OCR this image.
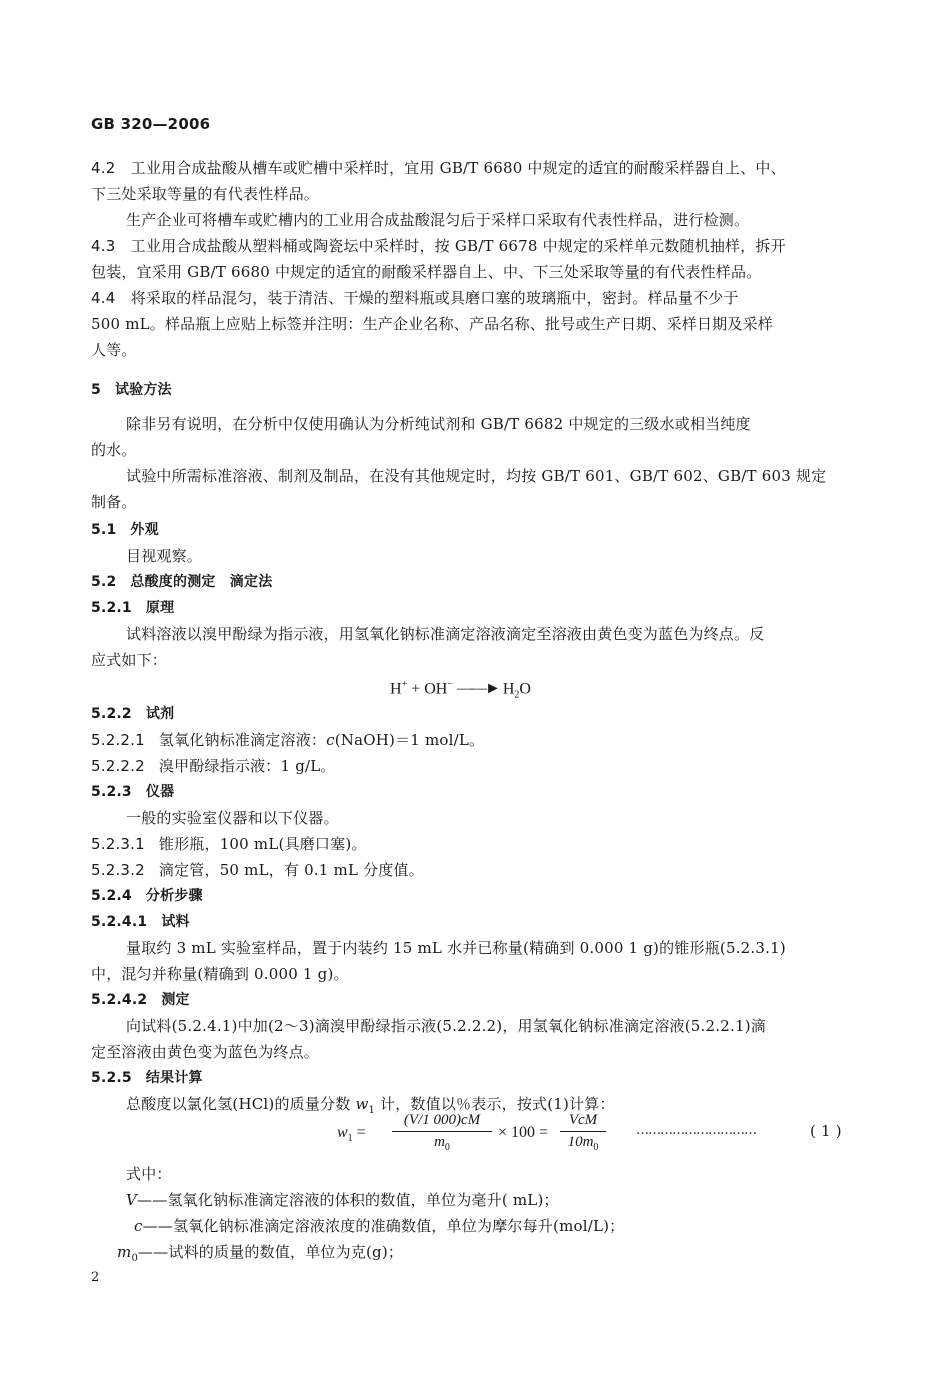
GB 320—2006
4.2　 工业用合成盐酸从槽车或贮槽中采样时，宜用 GB/T 6680 中规定的适宜的耐酸采样器自上、中、
下三处采取等量的有代表性样品。
生产企业可将槽车或贮槽内的工业用合成盐酸混匀后于采样口采取有代表性样品，进行检测。
4.3　 工业用合成盐酸从塑料桶或陶瓷坛中采样时，按 GB/T 6678 中规定的采样单元数随机抽样，拆开
包装，宜采用 GB/T 6680 中规定的适宜的耐酸采样器自上、中、下三处采取等量的有代表性样品。
4.4　 将采取的样品混匀，装于清洁、干燥的塑料瓶或具磨口塞的玻璃瓶中，密封。样品量不少于
500 mL。样品瓶上应贴上标签并注明：生产企业名称、产品名称、批号或生产日期、采样日期及采样
人等。
5 试验方法
除非另有说明，在分析中仅使用确认为分析纯试剂和 GB/T 6682 中规定的三级水或相当纯度
的水。
试验中所需标准溶液、制剂及制品，在没有其他规定时，均按 GB/T 601、GB/T 602、GB/T 603 规定
制备。
5.1 外观
目视观察。
5.2 总酸度的测定　滴定法
5.2.1 原理
试料溶液以溴甲酚绿为指示液，用氢氧化钠标准滴定溶液滴定至溶液由黄色变为蓝色为终点。反
应式如下：
H+ + OH− ——► $H_2O$
5.2.2 试剂
5.2.2.1 氢氧化钠标准滴定溶液：c(NaOH)＝1 mol/L。
5.2.2.2 溴甲酚绿指示液：1 g/L。
5.2.3 仪器
一般的实验室仪器和以下仪器。
5.2.3.1 锥形瓶，100 mL(具磨口塞)。
5.2.3.2 滴定管，50 mL，有 0.1 mL 分度值。
5.2.4 分析步骤
5.2.4.1 试料
量取约 3 mL 实验室样品，置于内装约 15 mL 水并已称量(精确到 0.000 1 g)的锥形瓶(5.2.3.1)
中，混匀并称量(精确到 0.000 1 g)。
5.2.4.2 测定
向试料(5.2.4.1)中加(2～3)滴溴甲酚绿指示液(5.2.2.2)，用氢氧化钠标准滴定溶液(5.2.2.1)滴
定至溶液由黄色变为蓝色为终点。
5.2.5 结果计算
总酸度以氯化氢(HCl)的质量分数 $w_1$ 计，数值以％表示，按式(1)计算：
$w_1$ =
(V/1 000)cM
$m_0$
× 100 =
VcM
$10m_0$
…………………………	( 1 )
式中：
V——氢氧化钠标准滴定溶液的体积的数值，单位为毫升( mL)；
c——氢氧化钠标准滴定溶液浓度的准确数值，单位为摩尔每升(mol/L)；
$m_0——$试料的质量的数值，单位为克(g)；
2
